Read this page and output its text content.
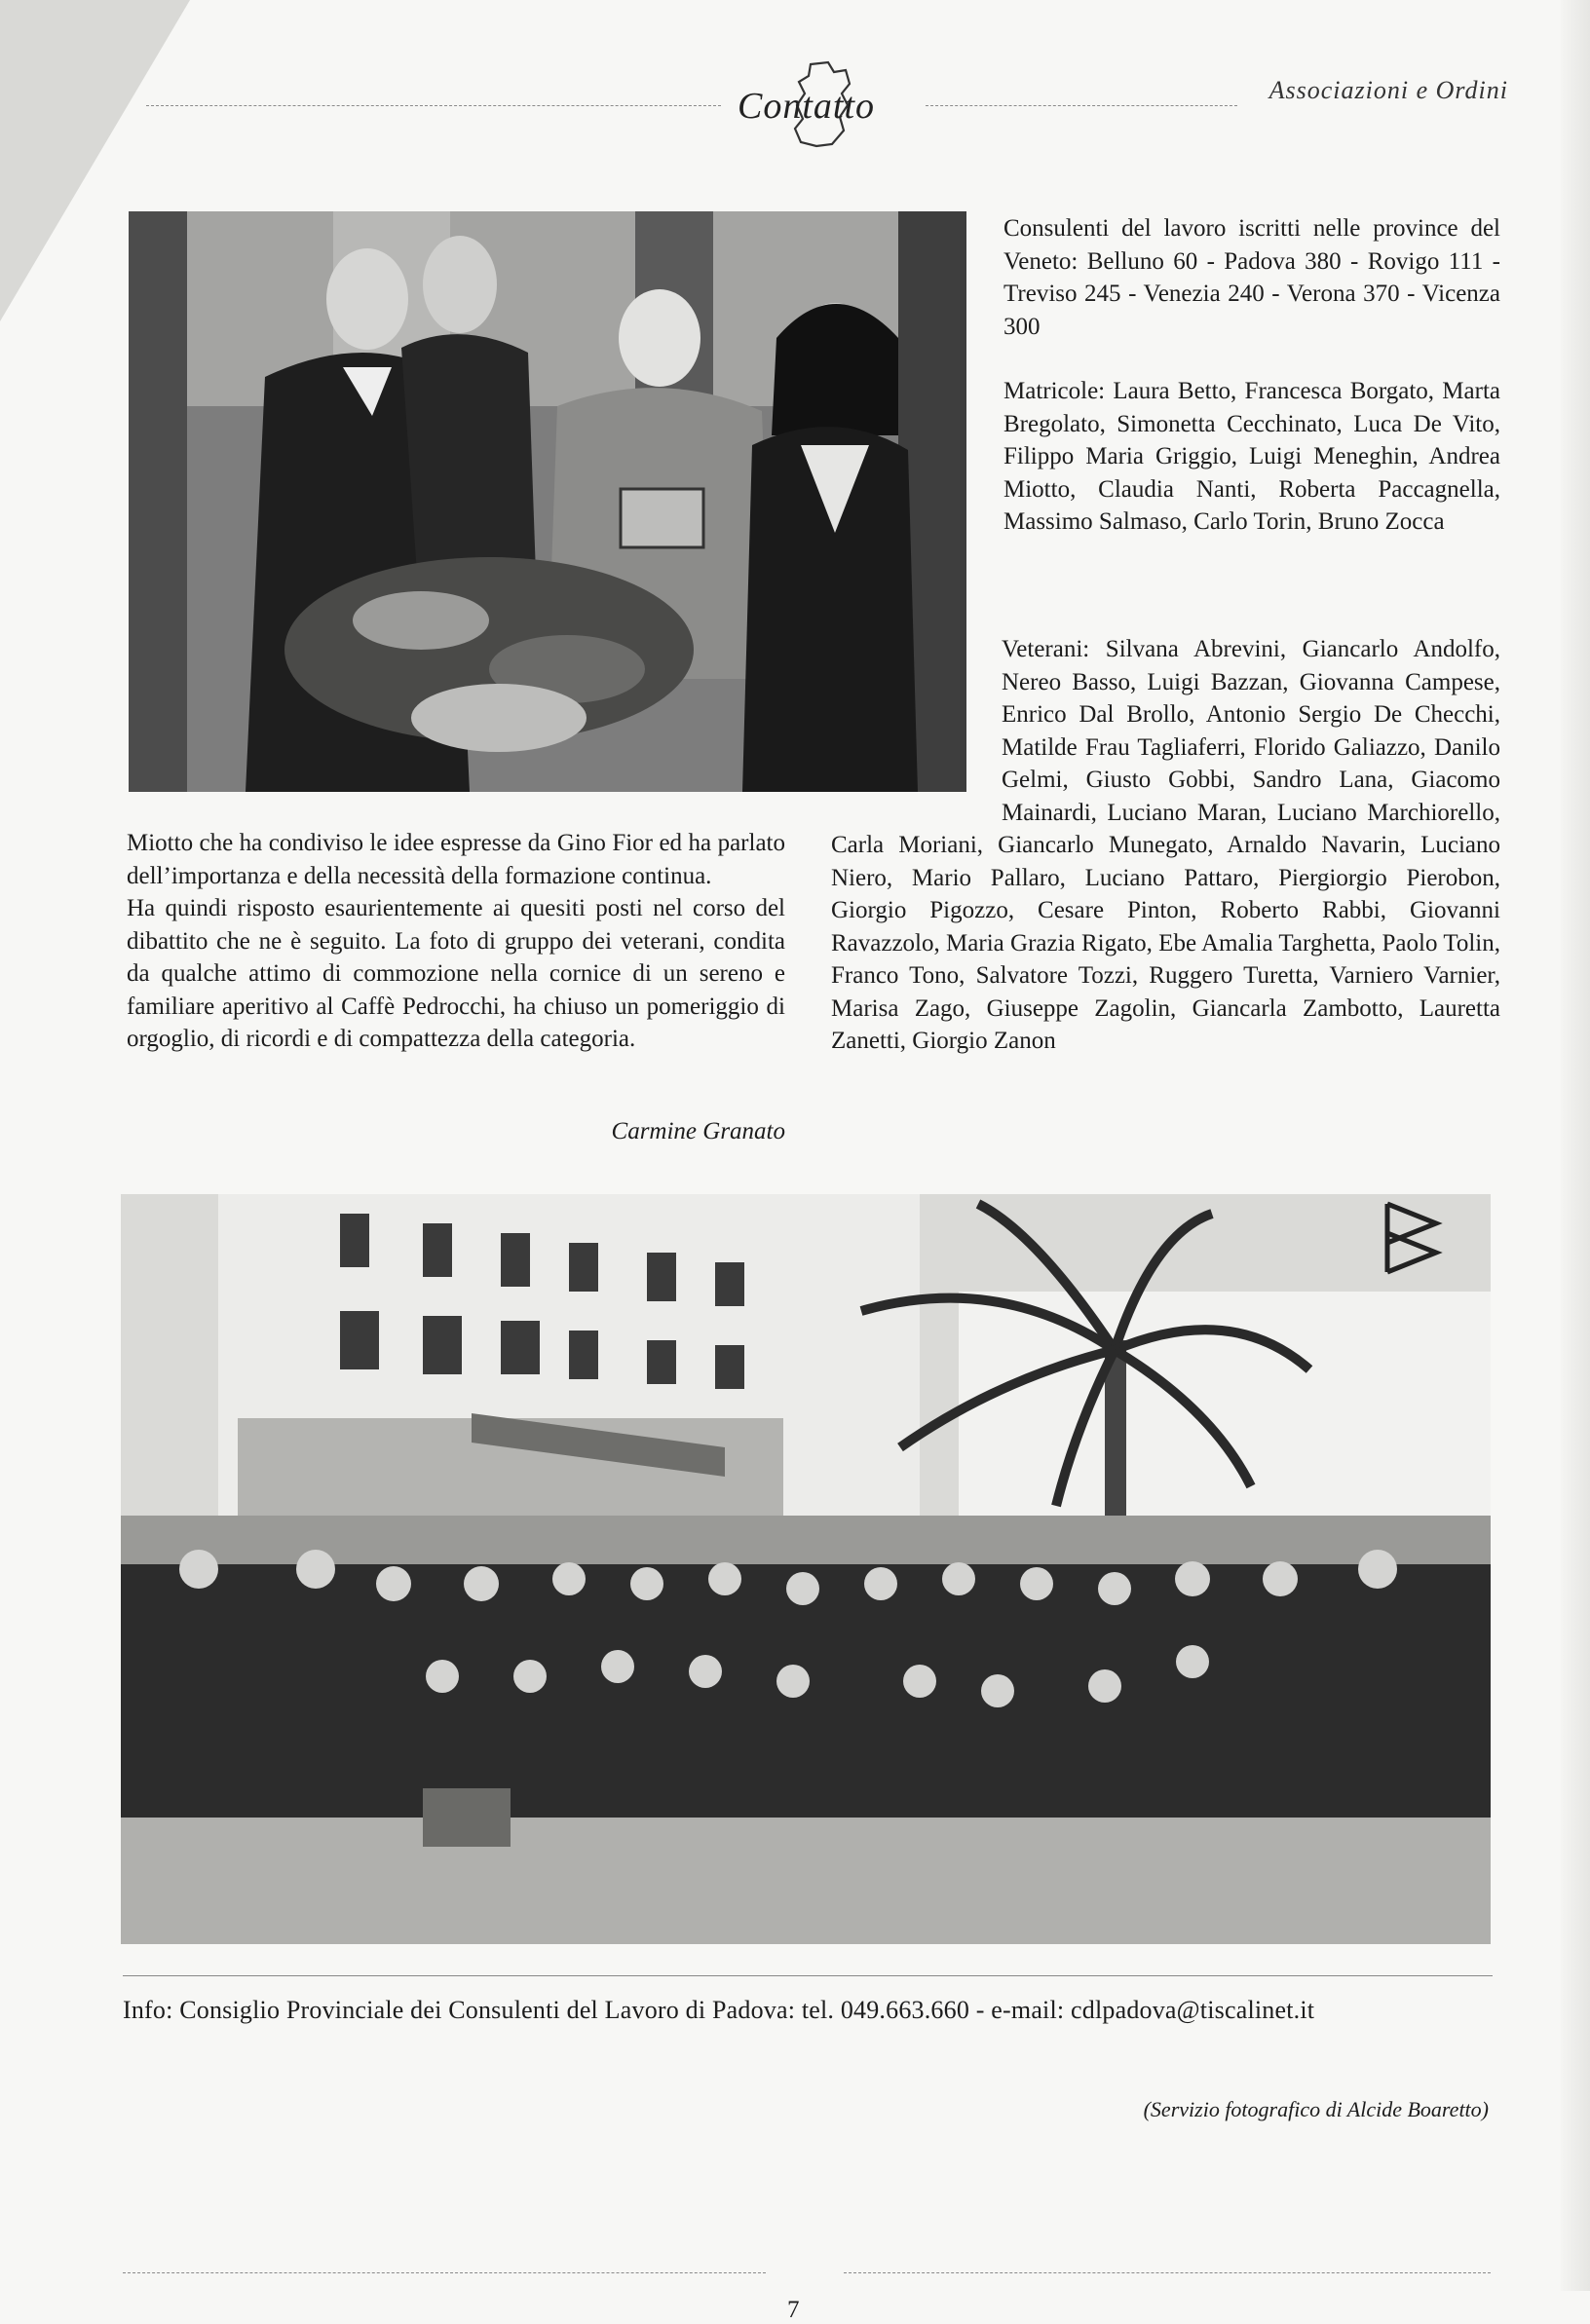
Contatto	Associazioni e Ordini

Consulenti del lavoro iscritti nelle province del Veneto: Belluno 60 - Padova 380 - Rovigo 111 - Treviso 245 - Venezia 240 - Verona 370 - Vicenza 300

Matricole: Laura Betto, Francesca Borgato, Marta Bregolato, Simonetta Cecchinato, Luca De Vito, Filippo Maria Griggio, Luigi Meneghin, Andrea Miotto, Claudia Nanti, Roberta Paccagnella, Massimo Salmaso, Carlo Torin, Bruno Zocca

Veterani: Silvana Abrevini, Giancarlo Andolfo, Nereo Basso, Luigi Bazzan, Giovanna Campese, Enrico Dal Brollo, Antonio Sergio De Checchi, Matilde Frau Tagliaferri, Florido Galiazzo, Danilo Gelmi, Giusto Gobbi, Sandro Lana, Giacomo Mainardi, Luciano Maran, Luciano Marchiorello, Carla Moriani, Giancarlo Munegato, Arnaldo Navarin, Luciano Niero, Mario Pallaro, Luciano Pattaro, Piergiorgio Pierobon, Giorgio Pigozzo, Cesare Pinton, Roberto Rabbi, Giovanni Ravazzolo, Maria Grazia Rigato, Ebe Amalia Targhetta, Paolo Tolin, Franco Tono, Salvatore Tozzi, Ruggero Turetta, Varniero Varnier, Marisa Zago, Giuseppe Zagolin, Giancarla Zambotto, Lauretta Zanetti, Giorgio Zanon

Miotto che ha condiviso le idee espresse da Gino Fior ed ha parlato dell’importanza e della necessità della formazione continua.

Ha quindi risposto esaurientemente ai quesiti posti nel corso del dibattito che ne è seguito. La foto di gruppo dei veterani, condita da qualche attimo di commozione nella cornice di un sereno e familiare aperitivo al Caffè Pedrocchi, ha chiuso un pomeriggio di orgoglio, di ricordi e di compattezza della categoria.

Carmine Granato
Info: Consiglio Provinciale dei Consulenti del Lavoro di Padova: tel. 049.663.660 - e-mail: cdlpadova@tiscalinet.it
(Servizio fotografico di Alcide Boaretto)
7
